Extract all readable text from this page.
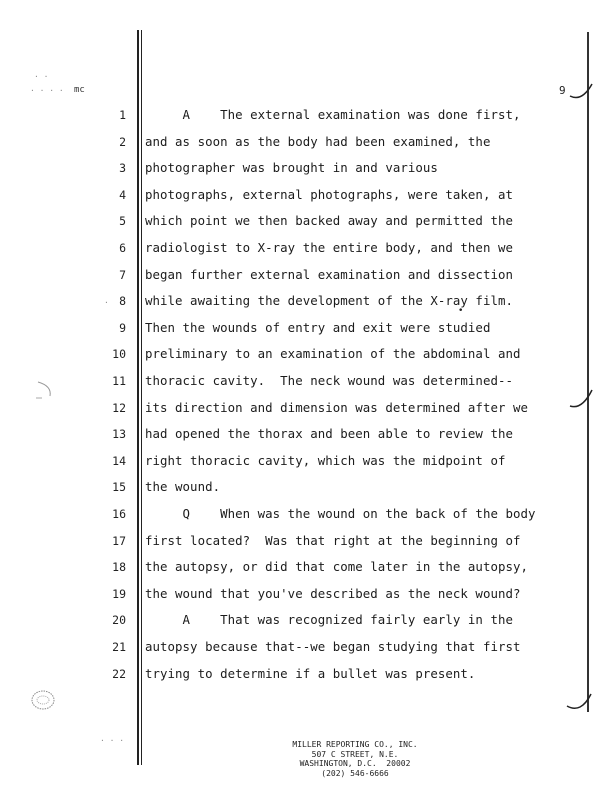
· ·
· · · ·
·
· · ·
•
mc	9
1 A    The external examination was done first,
2 and as soon as the body had been examined, the
3 photographer was brought in and various
4 photographs, external photographs, were taken, at
5 which point we then backed away and permitted the
6 radiologist to X-ray the entire body, and then we
7 began further external examination and dissection
8 while awaiting the development of the X-ray film.
9 Then the wounds of entry and exit were studied
10 preliminary to an examination of the abdominal and
11 thoracic cavity.  The neck wound was determined--
12 its direction and dimension was determined after we
13 had opened the thorax and been able to review the
14 right thoracic cavity, which was the midpoint of
15 the wound.
16 Q    When was the wound on the back of the body
17 first located?  Was that right at the beginning of
18 the autopsy, or did that come later in the autopsy,
19 the wound that you've described as the neck wound?
20 A    That was recognized fairly early in the
21 autopsy because that--we began studying that first
22 trying to determine if a bullet was present.
MILLER REPORTING CO., INC.
507 C STREET, N.E.
WASHINGTON, D.C.  20002
(202) 546-6666
